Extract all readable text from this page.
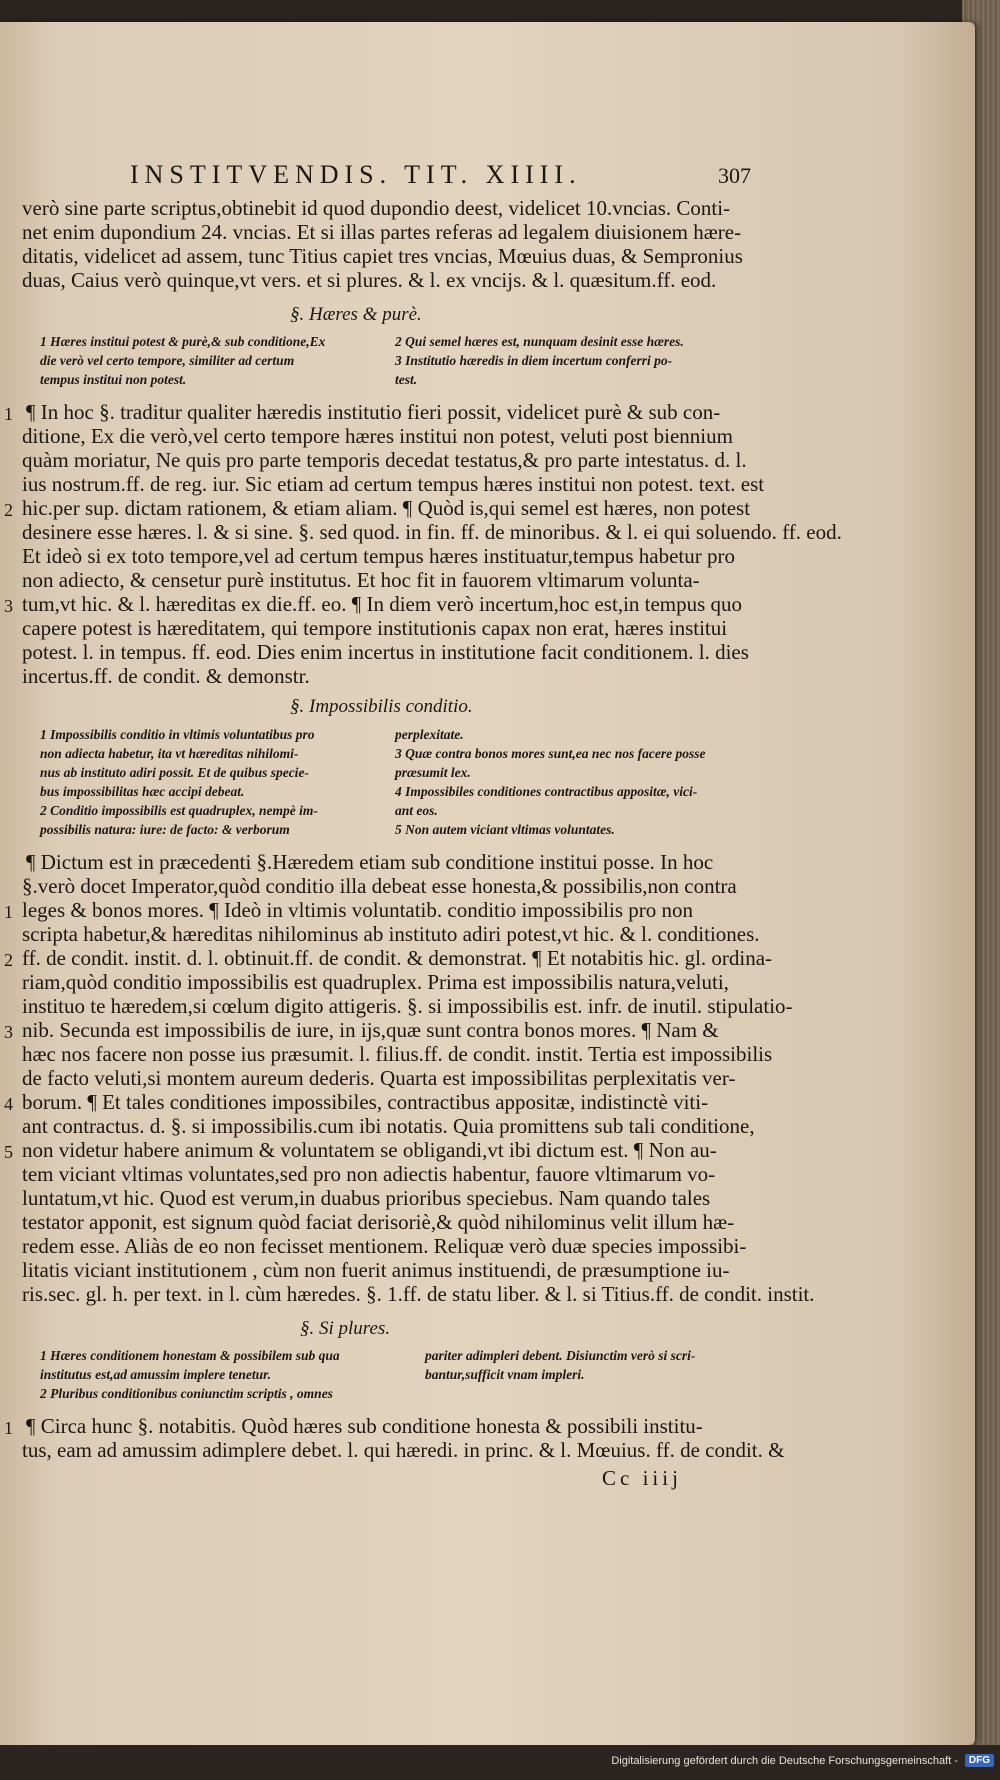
INSTITVENDIS. TIT. XIIII.	307
verò sine parte scriptus,obtinebit id quod dupondio deest, videlicet 10.vncias. Conti-
net enim dupondium 24. vncias. Et si illas partes referas ad legalem diuisionem hære-
ditatis, videlicet ad assem, tunc Titius capiet tres vncias, Mœuius duas, & Sempronius
duas, Caius verò quinque,vt vers. et si plures. & l. ex vncijs. & l. quæsitum.ff. eod.
§. Hæres & purè.
1 Hæres institui potest & purè,& sub conditione,Ex
die verò vel certo tempore, similiter ad certum
tempus institui non potest.
2 Qui semel hæres est, nunquam desinit esse hæres.
3 Institutio hæredis in diem incertum conferri po-
test.
¶ In hoc §. traditur qualiter hæredis institutio fieri possit, videlicet purè & sub con-
ditione, Ex die verò,vel certo tempore hæres institui non potest, veluti post biennium
quàm moriatur, Ne quis pro parte temporis decedat testatus,& pro parte intestatus. d. l.
ius nostrum.ff. de reg. iur. Sic etiam ad certum tempus hæres institui non potest. text. est
hic.per sup. dictam rationem, & etiam aliam. ¶ Quòd is,qui semel est hæres, non potest
desinere esse hæres. l. & si sine. §. sed quod. in fin. ff. de minoribus. & l. ei qui soluendo. ff. eod.
Et ideò si ex toto tempore,vel ad certum tempus hæres instituatur,tempus habetur pro
non adiecto, & censetur purè institutus. Et hoc fit in fauorem vltimarum volunta-
tum,vt hic. & l. hæreditas ex die.ff. eo. ¶ In diem verò incertum,hoc est,in tempus quo
capere potest is hæreditatem, qui tempore institutionis capax non erat, hæres institui
potest. l. in tempus. ff. eod. Dies enim incertus in institutione facit conditionem. l. dies
incertus.ff. de condit. & demonstr.
§. Impossibilis conditio.
1 Impossibilis conditio in vltimis voluntatibus pro
non adiecta habetur, ita vt hæreditas nihilomi-
nus ab instituto adiri possit. Et de quibus specie-
bus impossibilitas hæc accipi debeat.
2 Conditio impossibilis est quadruplex, nempè im-
possibilis natura: iure: de facto: & verborum
perplexitate.
3 Quæ contra bonos mores sunt,ea nec nos facere posse
præsumit lex.
4 Impossibiles conditiones contractibus appositæ, vici-
ant eos.
5 Non autem viciant vltimas voluntates.
¶ Dictum est in præcedenti §.Hæredem etiam sub conditione institui posse. In hoc
§.verò docet Imperator,quòd conditio illa debeat esse honesta,& possibilis,non contra
leges & bonos mores. ¶ Ideò in vltimis voluntatib. conditio impossibilis pro non
scripta habetur,& hæreditas nihilominus ab instituto adiri potest,vt hic. & l. conditiones.
ff. de condit. instit. d. l. obtinuit.ff. de condit. & demonstrat. ¶ Et notabitis hic. gl. ordina-
riam,quòd conditio impossibilis est quadruplex. Prima est impossibilis natura,veluti,
instituo te hæredem,si cœlum digito attigeris. §. si impossibilis est. infr. de inutil. stipulatio-
nib. Secunda est impossibilis de iure, in ijs,quæ sunt contra bonos mores. ¶ Nam &
hæc nos facere non posse ius præsumit. l. filius.ff. de condit. instit. Tertia est impossibilis
de facto veluti,si montem aureum dederis. Quarta est impossibilitas perplexitatis ver-
borum. ¶ Et tales conditiones impossibiles, contractibus appositæ, indistinctè viti-
ant contractus. d. §. si impossibilis.cum ibi notatis. Quia promittens sub tali conditione,
non videtur habere animum & voluntatem se obligandi,vt ibi dictum est. ¶ Non au-
tem viciant vltimas voluntates,sed pro non adiectis habentur, fauore vltimarum vo-
luntatum,vt hic. Quod est verum,in duabus prioribus speciebus. Nam quando tales
testator apponit, est signum quòd faciat derisoriè,& quòd nihilominus velit illum hæ-
redem esse. Aliàs de eo non fecisset mentionem. Reliquæ verò duæ species impossibi-
litatis viciant institutionem , cùm non fuerit animus instituendi, de præsumptione iu-
ris.sec. gl. h. per text. in l. cùm hæredes. §. 1.ff. de statu liber. & l. si Titius.ff. de condit. instit.
§. Si plures.
1 Hæres conditionem honestam & possibilem sub qua
institutus est,ad amussim implere tenetur.
2 Pluribus conditionibus coniunctim scriptis , omnes
pariter adimpleri debent. Disiunctim verò si scri-
bantur,sufficit vnam impleri.
¶ Circa hunc §. notabitis. Quòd hæres sub conditione honesta & possibili institu-
tus, eam ad amussim adimplere debet. l. qui hæredi. in princ. & l. Mœuius. ff. de condit. &
Cc iiij
1
2
3
1
2
3
4
5
1
Digitalisierung gefördert durch die Deutsche Forschungsgemeinschaft -	DFG
